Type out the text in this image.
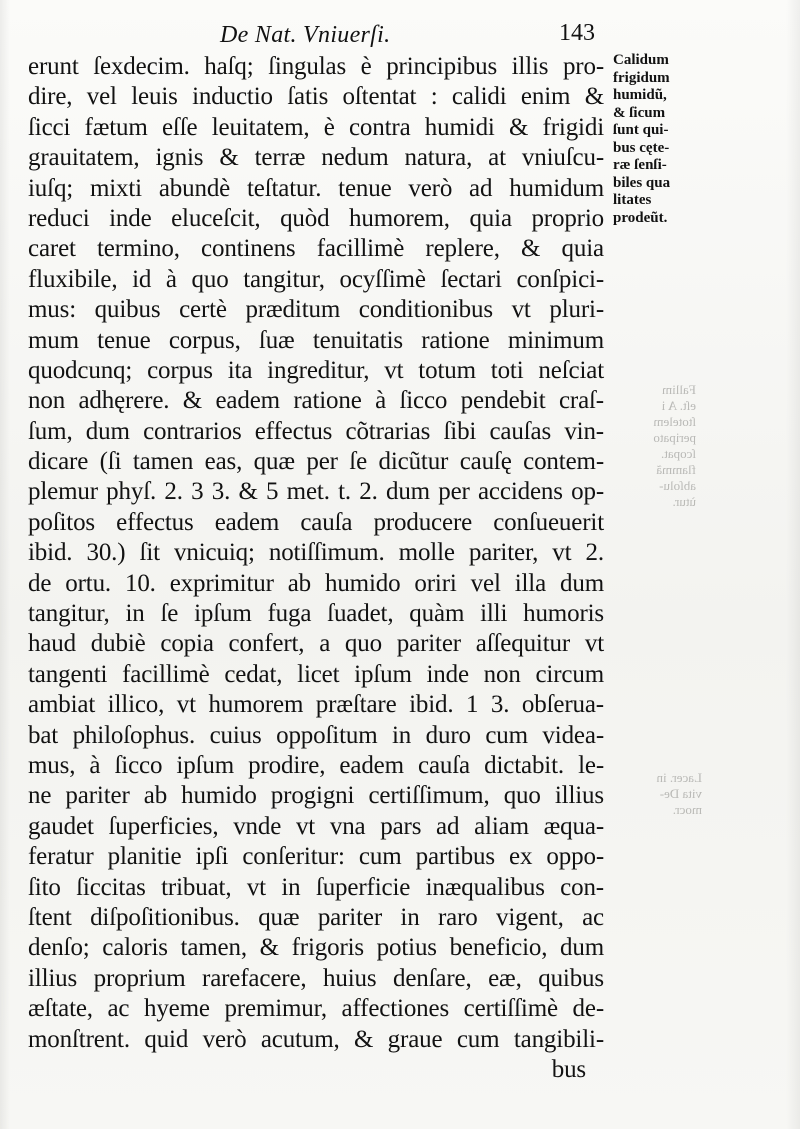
De Nat. Vniuerſi.	143
erunt ſexdecim. haſq; ſingulas è principibus illis pro-
dire, vel leuis inductio ſatis oſtentat : calidi enim &
ſicci fætum eſſe leuitatem, è contra humidi & frigidi
grauitatem, ignis & terræ nedum natura, at vniuſcu-
iuſq; mixti abundè teſtatur. tenue verò ad humidum
reduci inde eluceſcit, quòd humorem, quia proprio
caret termino, continens facillimè replere, & quia
fluxibile, id à quo tangitur, ocyſſimè ſectari conſpici-
mus: quibus certè præditum conditionibus vt pluri-
mum tenue corpus, ſuæ tenuitatis ratione minimum
quodcunq; corpus ita ingreditur, vt totum toti neſciat
non adhęrere. & eadem ratione à ſicco pendebit craſ-
ſum, dum contrarios effectus cõtrarias ſibi cauſas vin-
dicare (ſi tamen eas, quæ per ſe dicũtur cauſę contem-
plemur phyſ. 2. 3 3. & 5 met. t. 2. dum per accidens op-
poſitos effectus eadem cauſa producere conſueuerit
ibid. 30.) ſit vnicuiq; notiſſimum. molle pariter, vt 2.
de ortu. 10. exprimitur ab humido oriri vel illa dum
tangitur, in ſe ipſum fuga ſuadet, quàm illi humoris
haud dubiè copia confert, a quo pariter aſſequitur vt
tangenti facillimè cedat, licet ipſum inde non circum
ambiat illico, vt humorem præſtare ibid. 1 3. obſerua-
bat philoſophus. cuius oppoſitum in duro cum videa-
mus, à ſicco ipſum prodire, eadem cauſa dictabit. le-
ne pariter ab humido progigni certiſſimum, quo illius
gaudet ſuperficies, vnde vt vna pars ad aliam æqua-
feratur planitie ipſi conſeritur: cum partibus ex oppo-
ſito ſiccitas tribuat, vt in ſuperficie inæqualibus con-
ſtent diſpoſitionibus. quæ pariter in raro vigent, ac
denſo; caloris tamen, & frigoris potius beneficio, dum
illius proprium rarefacere, huius denſare, eæ, quibus
æſtate, ac hyeme premimur, affectiones certiſſimè de-
monſtrent. quid verò acutum, & graue cum tangibili-
bus
Calidum
frigidum
humidũ,
& ſicum
ſunt qui-
bus cęte-
ræ ſenſi-
biles qua
litates
prodeũt.
Fallim
eſt. A i
ſtotelem
peripato
ſcopat.
flammã
abſolu-
ùtur.
Lacer. in
vita De-
mocr.
